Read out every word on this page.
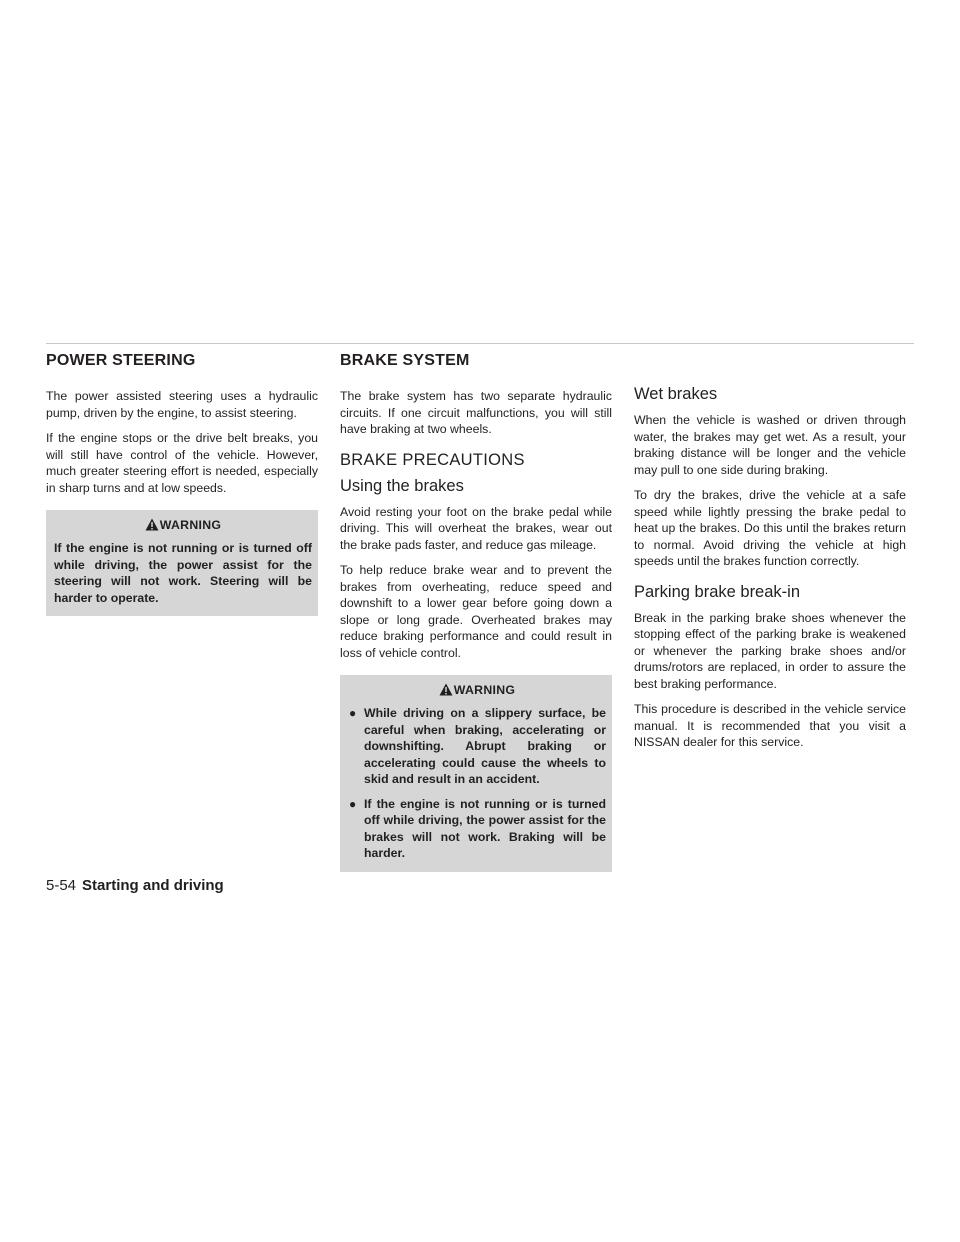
POWER STEERING	BRAKE SYSTEM

The power assisted steering uses a hydraulic pump, driven by the engine, to assist steering.

If the engine stops or the drive belt breaks, you will still have control of the vehicle. However, much greater steering effort is needed, especially in sharp turns and at low speeds.

WARNING

If the engine is not running or is turned off while driving, the power assist for the steering will not work. Steering will be harder to operate.

The brake system has two separate hydraulic circuits. If one circuit malfunctions, you will still have braking at two wheels.

BRAKE PRECAUTIONS
Using the brakes

Avoid resting your foot on the brake pedal while driving. This will overheat the brakes, wear out the brake pads faster, and reduce gas mileage.

To help reduce brake wear and to prevent the brakes from overheating, reduce speed and downshift to a lower gear before going down a slope or long grade. Overheated brakes may reduce braking performance and could result in loss of vehicle control.

WARNING
● While driving on a slippery surface, be careful when braking, accelerating or downshifting. Abrupt braking or accelerating could cause the wheels to skid and result in an accident.
● If the engine is not running or is turned off while driving, the power assist for the brakes will not work. Braking will be harder.
Wet brakes

When the vehicle is washed or driven through water, the brakes may get wet. As a result, your braking distance will be longer and the vehicle may pull to one side during braking.

To dry the brakes, drive the vehicle at a safe speed while lightly pressing the brake pedal to heat up the brakes. Do this until the brakes return to normal. Avoid driving the vehicle at high speeds until the brakes function correctly.

Parking brake break-in

Break in the parking brake shoes whenever the stopping effect of the parking brake is weakened or whenever the parking brake shoes and/or drums/rotors are replaced, in order to assure the best braking performance.

This procedure is described in the vehicle service manual. It is recommended that you visit a NISSAN dealer for this service.

5-54 Starting and driving
